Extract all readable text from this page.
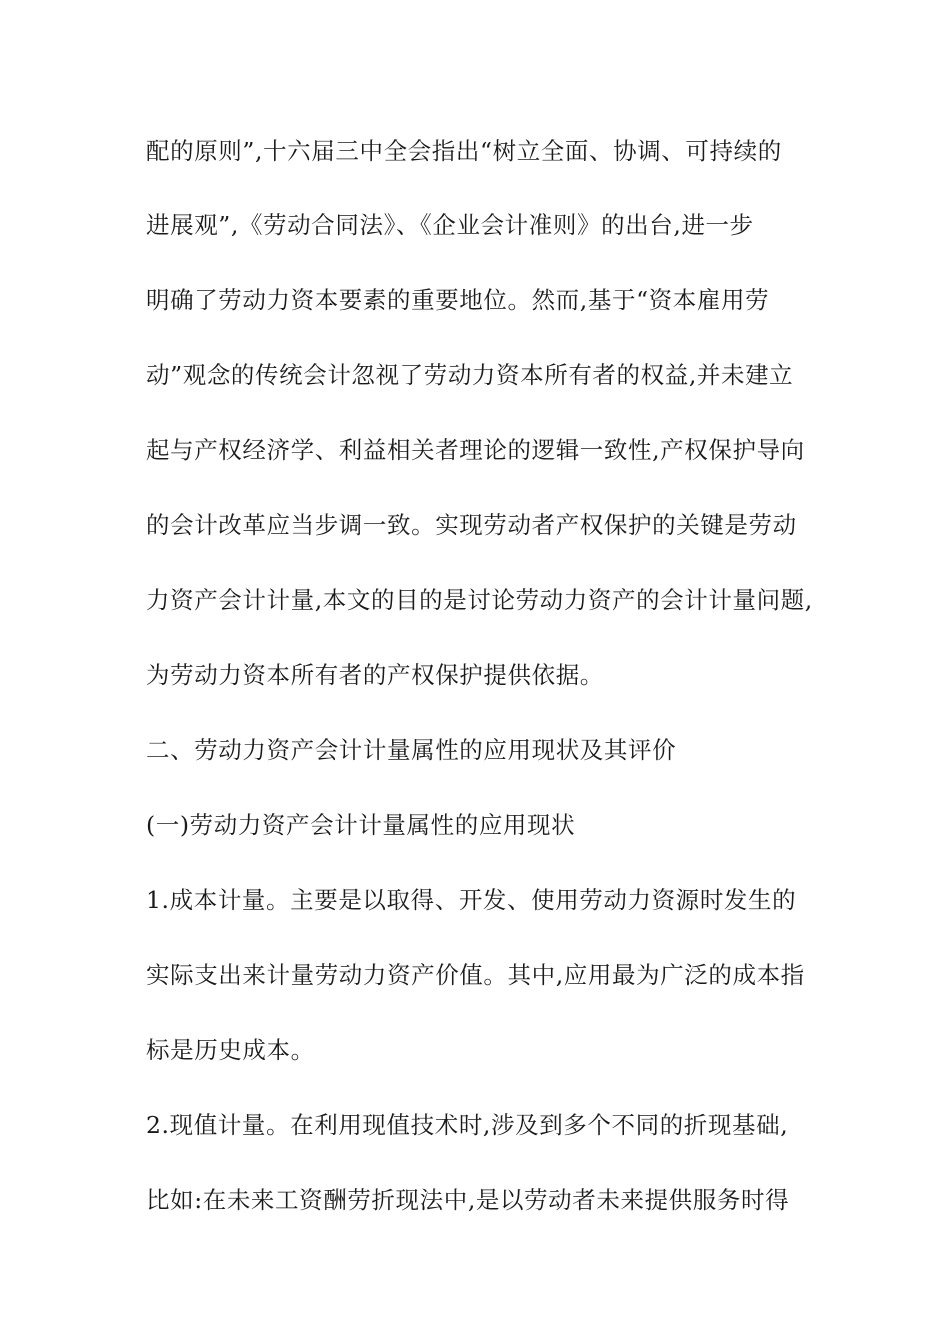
配的原则”,十六届三中全会指出“树立全面、协调、可持续的
进展观”,《劳动合同法》、《企业会计准则》的出台,进一步
明确了劳动力资本要素的重要地位。然而,基于“资本雇用劳
动”观念的传统会计忽视了劳动力资本所有者的权益,并未建立
起与产权经济学、利益相关者理论的逻辑一致性,产权保护导向
的会计改革应当步调一致。实现劳动者产权保护的关键是劳动
力资产会计计量,本文的目的是讨论劳动力资产的会计计量问题,
为劳动力资本所有者的产权保护提供依据。
二、劳动力资产会计计量属性的应用现状及其评价
(一)劳动力资产会计计量属性的应用现状
1.成本计量。主要是以取得、开发、使用劳动力资源时发生的
实际支出来计量劳动力资产价值。其中,应用最为广泛的成本指
标是历史成本。
2.现值计量。在利用现值技术时,涉及到多个不同的折现基础,
比如:在未来工资酬劳折现法中,是以劳动者未来提供服务时得
